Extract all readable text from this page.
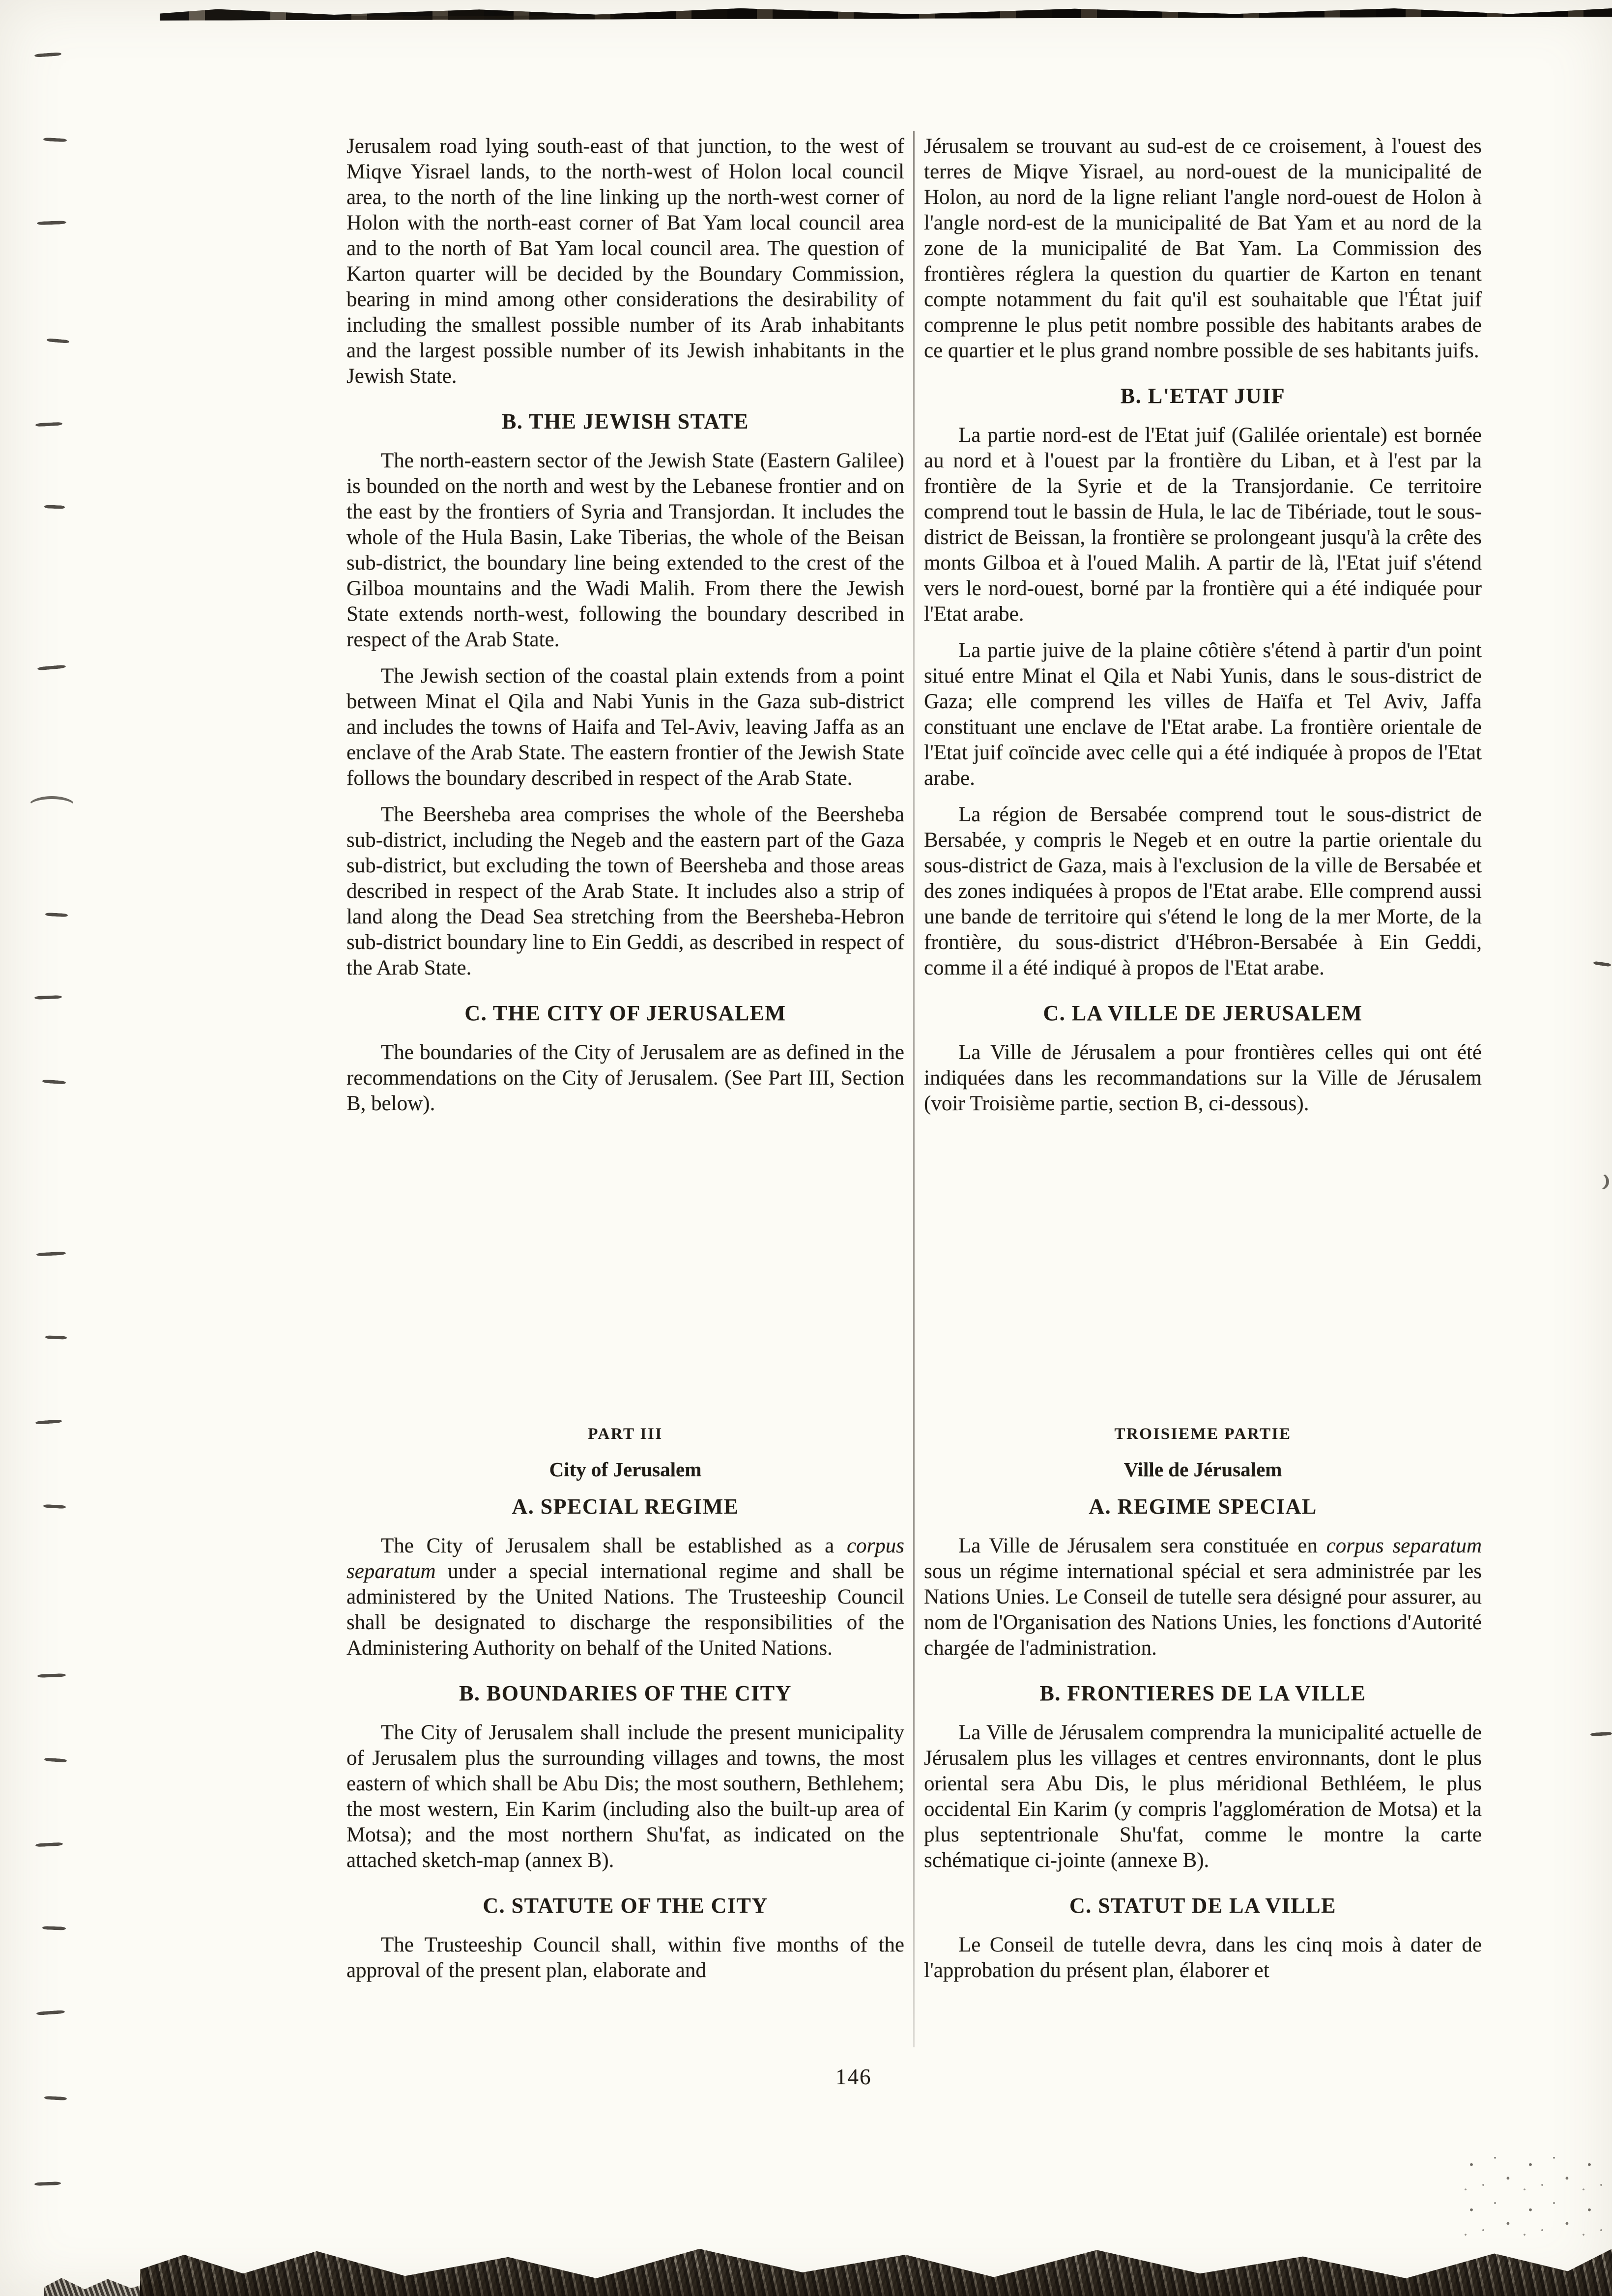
Jerusalem road lying south-east of that junction, to the west of Miqve Yisrael lands, to the north-west of Holon local council area, to the north of the line linking up the north-west corner of Holon with the north-east corner of Bat Yam local council area and to the north of Bat Yam local council area. The question of Karton quarter will be decided by the Boundary Commission, bearing in mind among other considerations the desirability of including the smallest possible number of its Arab inhabitants and the largest possible number of its Jewish inhabitants in the Jewish State.

B. THE JEWISH STATE

The north-eastern sector of the Jewish State (Eastern Galilee) is bounded on the north and west by the Lebanese frontier and on the east by the frontiers of Syria and Transjordan. It includes the whole of the Hula Basin, Lake Tiberias, the whole of the Beisan sub-district, the boundary line being extended to the crest of the Gilboa mountains and the Wadi Malih. From there the Jewish State extends north-west, following the boundary described in respect of the Arab State.

The Jewish section of the coastal plain extends from a point between Minat el Qila and Nabi Yunis in the Gaza sub-district and includes the towns of Haifa and Tel-Aviv, leaving Jaffa as an enclave of the Arab State. The eastern frontier of the Jewish State follows the boundary described in respect of the Arab State.

The Beersheba area comprises the whole of the Beersheba sub-district, including the Negeb and the eastern part of the Gaza sub-district, but excluding the town of Beersheba and those areas described in respect of the Arab State. It includes also a strip of land along the Dead Sea stretching from the Beersheba-Hebron sub-district boundary line to Ein Geddi, as described in respect of the Arab State.

C. THE CITY OF JERUSALEM

The boundaries of the City of Jerusalem are as defined in the recommendations on the City of Jerusalem. (See Part III, Section B, below).

Jérusalem se trouvant au sud-est de ce croisement, à l'ouest des terres de Miqve Yisrael, au nord-ouest de la municipalité de Holon, au nord de la ligne reliant l'angle nord-ouest de Holon à l'angle nord-est de la municipalité de Bat Yam et au nord de la zone de la municipalité de Bat Yam. La Commission des frontières réglera la question du quartier de Karton en tenant compte notamment du fait qu'il est souhaitable que l'État juif comprenne le plus petit nombre possible des habitants arabes de ce quartier et le plus grand nombre possible de ses habitants juifs.

B. L'ETAT JUIF

La partie nord-est de l'Etat juif (Galilée orientale) est bornée au nord et à l'ouest par la frontière du Liban, et à l'est par la frontière de la Syrie et de la Transjordanie. Ce territoire comprend tout le bassin de Hula, le lac de Tibériade, tout le sous-district de Beissan, la frontière se prolongeant jusqu'à la crête des monts Gilboa et à l'oued Malih. A partir de là, l'Etat juif s'étend vers le nord-ouest, borné par la frontière qui a été indiquée pour l'Etat arabe.

La partie juive de la plaine côtière s'étend à partir d'un point situé entre Minat el Qila et Nabi Yunis, dans le sous-district de Gaza; elle comprend les villes de Haïfa et Tel Aviv, Jaffa constituant une enclave de l'Etat arabe. La frontière orientale de l'Etat juif coïncide avec celle qui a été indiquée à propos de l'Etat arabe.

La région de Bersabée comprend tout le sous-district de Bersabée, y compris le Negeb et en outre la partie orientale du sous-district de Gaza, mais à l'exclusion de la ville de Bersabée et des zones indiquées à propos de l'Etat arabe. Elle comprend aussi une bande de territoire qui s'étend le long de la mer Morte, de la frontière, du sous-district d'Hébron-Bersabée à Ein Geddi, comme il a été indiqué à propos de l'Etat arabe.

C. LA VILLE DE JERUSALEM

La Ville de Jérusalem a pour frontières celles qui ont été indiquées dans les recommandations sur la Ville de Jérusalem (voir Troisième partie, section B, ci-dessous).

PART III
City of Jerusalem
A. SPECIAL REGIME

The City of Jerusalem shall be established as a corpus separatum under a special international regime and shall be administered by the United Nations. The Trusteeship Council shall be designated to discharge the responsibilities of the Administering Authority on behalf of the United Nations.

B. BOUNDARIES OF THE CITY

The City of Jerusalem shall include the present municipality of Jerusalem plus the surrounding villages and towns, the most eastern of which shall be Abu Dis; the most southern, Bethlehem; the most western, Ein Karim (including also the built-up area of Motsa); and the most northern Shu'fat, as indicated on the attached sketch-map (annex B).

C. STATUTE OF THE CITY

The Trusteeship Council shall, within five months of the approval of the present plan, elaborate and

TROISIEME PARTIE
Ville de Jérusalem
A. REGIME SPECIAL

La Ville de Jérusalem sera constituée en corpus separatum sous un régime international spécial et sera administrée par les Nations Unies. Le Conseil de tutelle sera désigné pour assurer, au nom de l'Organisation des Nations Unies, les fonctions d'Autorité chargée de l'administration.

B. FRONTIERES DE LA VILLE

La Ville de Jérusalem comprendra la municipalité actuelle de Jérusalem plus les villages et centres environnants, dont le plus oriental sera Abu Dis, le plus méridional Bethléem, le plus occidental Ein Karim (y compris l'agglomération de Motsa) et la plus septentrionale Shu'fat, comme le montre la carte schématique ci-jointe (annexe B).

C. STATUT DE LA VILLE

Le Conseil de tutelle devra, dans les cinq mois à dater de l'approbation du présent plan, élaborer et

146
